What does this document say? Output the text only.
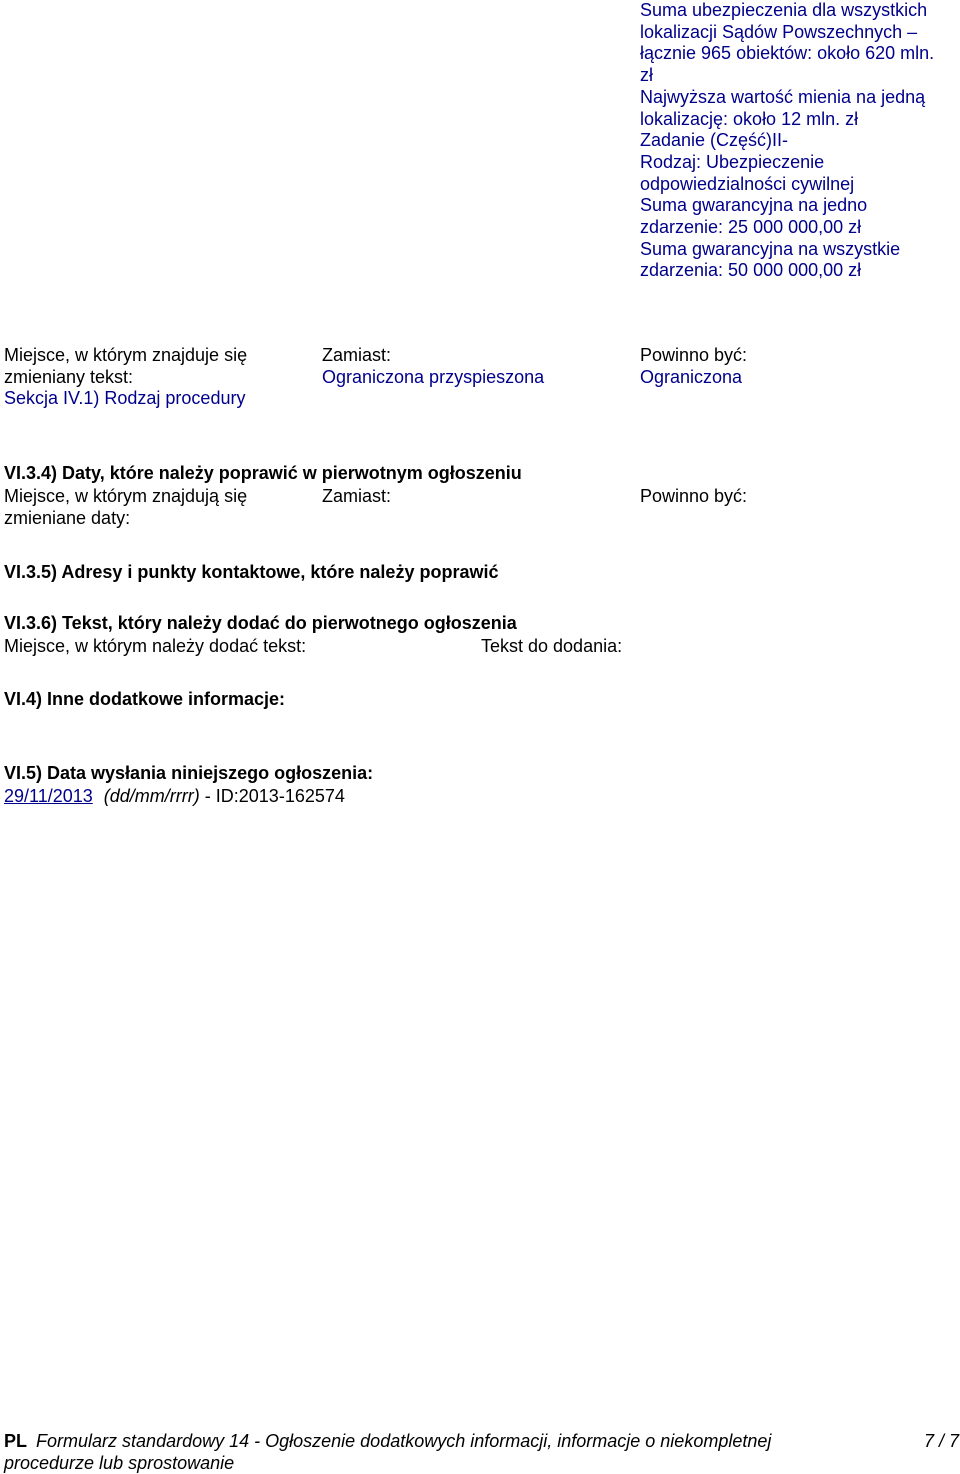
Suma ubezpieczenia dla wszystkich
lokalizacji Sądów Powszechnych –
łącznie 965 obiektów: około 620 mln.
zł
Najwyższa wartość mienia na jedną
lokalizację: około 12 mln. zł
Zadanie (Część)II-
Rodzaj: Ubezpieczenie
odpowiedzialności cywilnej
Suma gwarancyjna na jedno
zdarzenie: 25 000 000,00 zł
Suma gwarancyjna na wszystkie
zdarzenia: 50 000 000,00 zł
Miejsce, w którym znajduje się
zmieniany tekst:
Sekcja IV.1) Rodzaj procedury
Zamiast:
Ograniczona przyspieszona
Powinno być:
Ograniczona
VI.3.4) Daty, które należy poprawić w pierwotnym ogłoszeniu
Miejsce, w którym znajdują się
zmieniane daty:
Zamiast:	Powinno być:
VI.3.5) Adresy i punkty kontaktowe, które należy poprawić
VI.3.6) Tekst, który należy dodać do pierwotnego ogłoszenia
Miejsce, w którym należy dodać tekst:	Tekst do dodania:
VI.4) Inne dodatkowe informacje:
VI.5) Data wysłania niniejszego ogłoszenia:
29/11/2013 (dd/mm/rrrr) - ID:2013-162574
PL Formularz standardowy 14 - Ogłoszenie dodatkowych informacji, informacje o niekompletnej procedurze lub sprostowanie
7 / 7
